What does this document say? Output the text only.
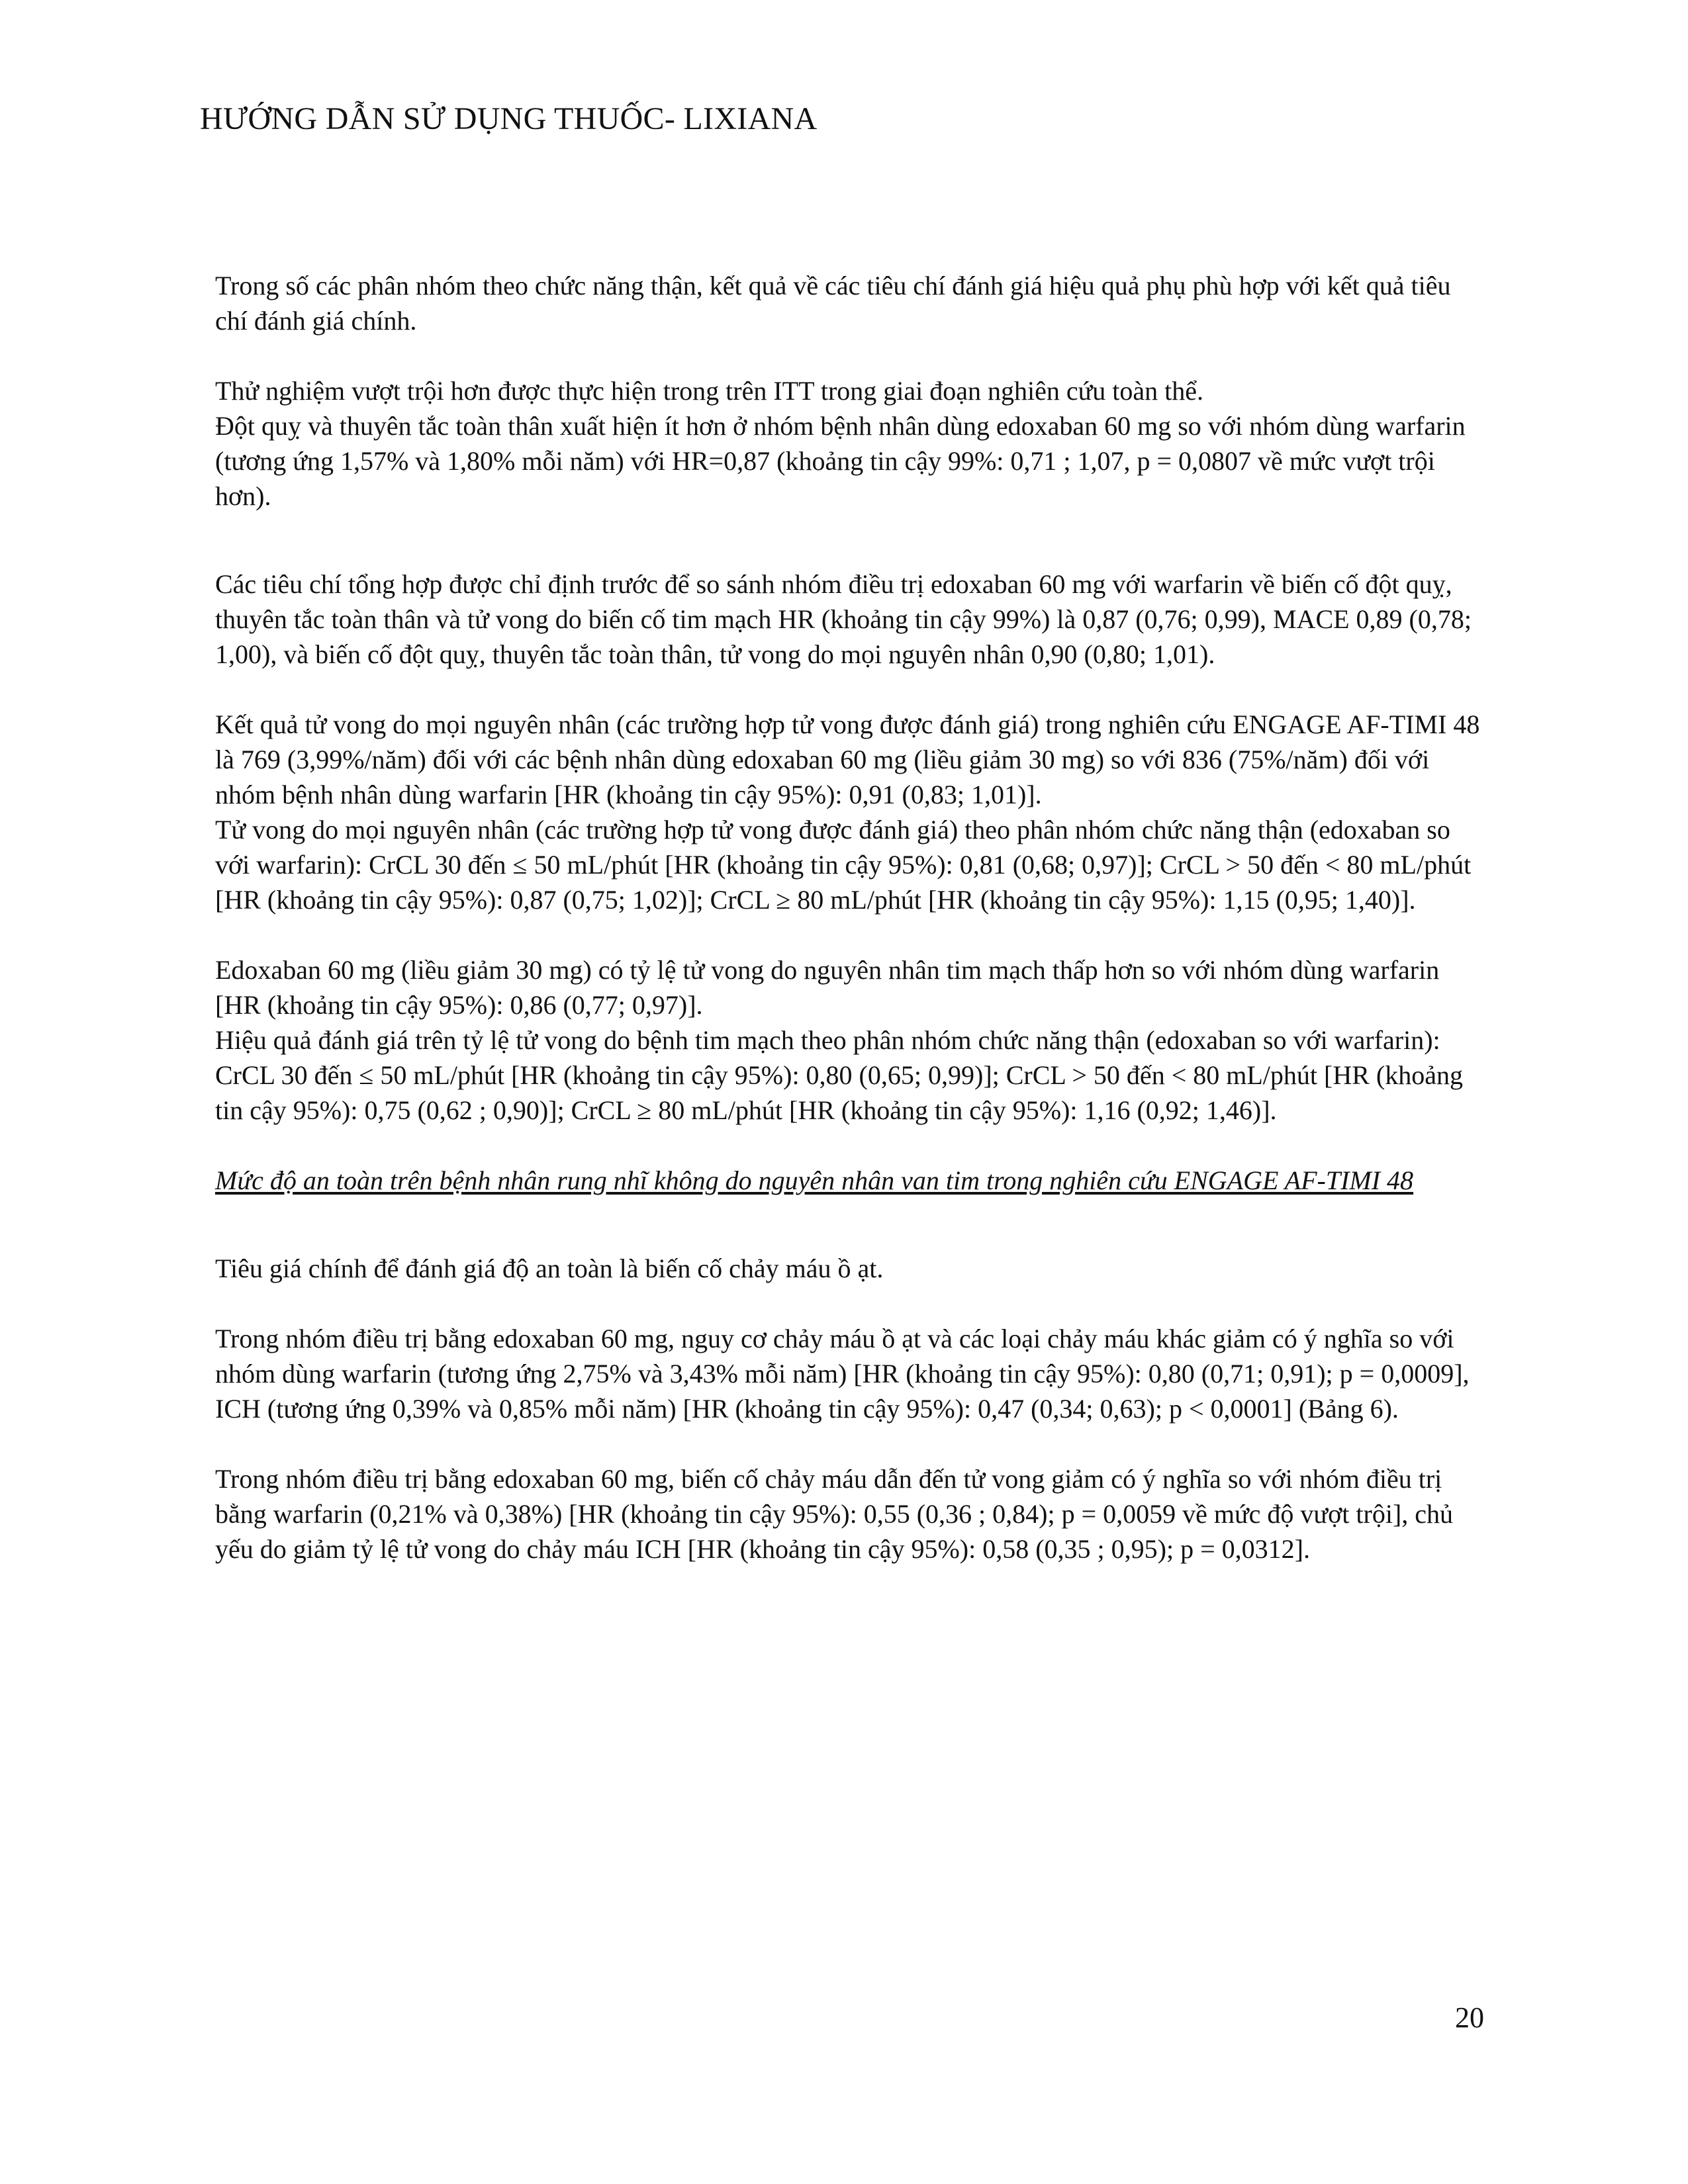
HƯỚNG DẪN SỬ DỤNG THUỐC- LIXIANA

Trong số các phân nhóm theo chức năng thận, kết quả về các tiêu chí đánh giá hiệu quả phụ phù hợp với kết quả tiêu chí đánh giá chính.

Thử nghiệm vượt trội hơn được thực hiện trong trên ITT trong giai đoạn nghiên cứu toàn thể.

Đột quỵ và thuyên tắc toàn thân xuất hiện ít hơn ở nhóm bệnh nhân dùng edoxaban 60 mg so với nhóm dùng warfarin (tương ứng 1,57% và 1,80% mỗi năm) với HR=0,87 (khoảng tin cậy 99%: 0,71 ; 1,07, p = 0,0807 về mức vượt trội hơn).

Các tiêu chí tổng hợp được chỉ định trước để so sánh nhóm điều trị edoxaban 60 mg với warfarin về biến cố đột quỵ, thuyên tắc toàn thân và tử vong do biến cố tim mạch HR (khoảng tin cậy 99%) là 0,87 (0,76; 0,99), MACE 0,89 (0,78; 1,00), và biến cố đột quỵ, thuyên tắc toàn thân, tử vong do mọi nguyên nhân 0,90 (0,80; 1,01).

Kết quả tử vong do mọi nguyên nhân (các trường hợp tử vong được đánh giá) trong nghiên cứu ENGAGE AF-TIMI 48 là 769 (3,99%/năm) đối với các bệnh nhân dùng edoxaban 60 mg (liều giảm 30 mg) so với 836 (75%/năm) đối với nhóm bệnh nhân dùng warfarin [HR (khoảng tin cậy 95%): 0,91 (0,83; 1,01)].

Tử vong do mọi nguyên nhân (các trường hợp tử vong được đánh giá) theo phân nhóm chức năng thận (edoxaban so với warfarin): CrCL 30 đến ≤ 50 mL/phút [HR (khoảng tin cậy 95%): 0,81 (0,68; 0,97)]; CrCL > 50 đến < 80 mL/phút [HR (khoảng tin cậy 95%): 0,87 (0,75; 1,02)]; CrCL ≥ 80 mL/phút [HR (khoảng tin cậy 95%): 1,15 (0,95; 1,40)].

Edoxaban 60 mg (liều giảm 30 mg) có tỷ lệ tử vong do nguyên nhân tim mạch thấp hơn so với nhóm dùng warfarin [HR (khoảng tin cậy 95%): 0,86 (0,77; 0,97)].

Hiệu quả đánh giá trên tỷ lệ tử vong do bệnh tim mạch theo phân nhóm chức năng thận (edoxaban so với warfarin): CrCL 30 đến ≤ 50 mL/phút [HR (khoảng tin cậy 95%): 0,80 (0,65; 0,99)]; CrCL > 50 đến < 80 mL/phút [HR (khoảng tin cậy 95%): 0,75 (0,62 ; 0,90)]; CrCL ≥ 80 mL/phút [HR (khoảng tin cậy 95%): 1,16 (0,92; 1,46)].

Mức độ an toàn trên bệnh nhân rung nhĩ không do nguyên nhân van tim trong nghiên cứu ENGAGE AF-TIMI 48

Tiêu giá chính để đánh giá độ an toàn là biến cố chảy máu ồ ạt.

Trong nhóm điều trị bằng edoxaban 60 mg, nguy cơ chảy máu ồ ạt và các loại chảy máu khác giảm có ý nghĩa so với nhóm dùng warfarin (tương ứng 2,75% và 3,43% mỗi năm) [HR (khoảng tin cậy 95%): 0,80 (0,71; 0,91); p = 0,0009], ICH (tương ứng 0,39% và 0,85% mỗi năm) [HR (khoảng tin cậy 95%): 0,47 (0,34; 0,63); p < 0,0001] (Bảng 6).

Trong nhóm điều trị bằng edoxaban 60 mg, biến cố chảy máu dẫn đến tử vong giảm có ý nghĩa so với nhóm điều trị bằng warfarin (0,21% và 0,38%) [HR (khoảng tin cậy 95%): 0,55 (0,36 ; 0,84); p = 0,0059 về mức độ vượt trội], chủ yếu do giảm tỷ lệ tử vong do chảy máu ICH [HR (khoảng tin cậy 95%): 0,58 (0,35 ; 0,95); p = 0,0312].

20
